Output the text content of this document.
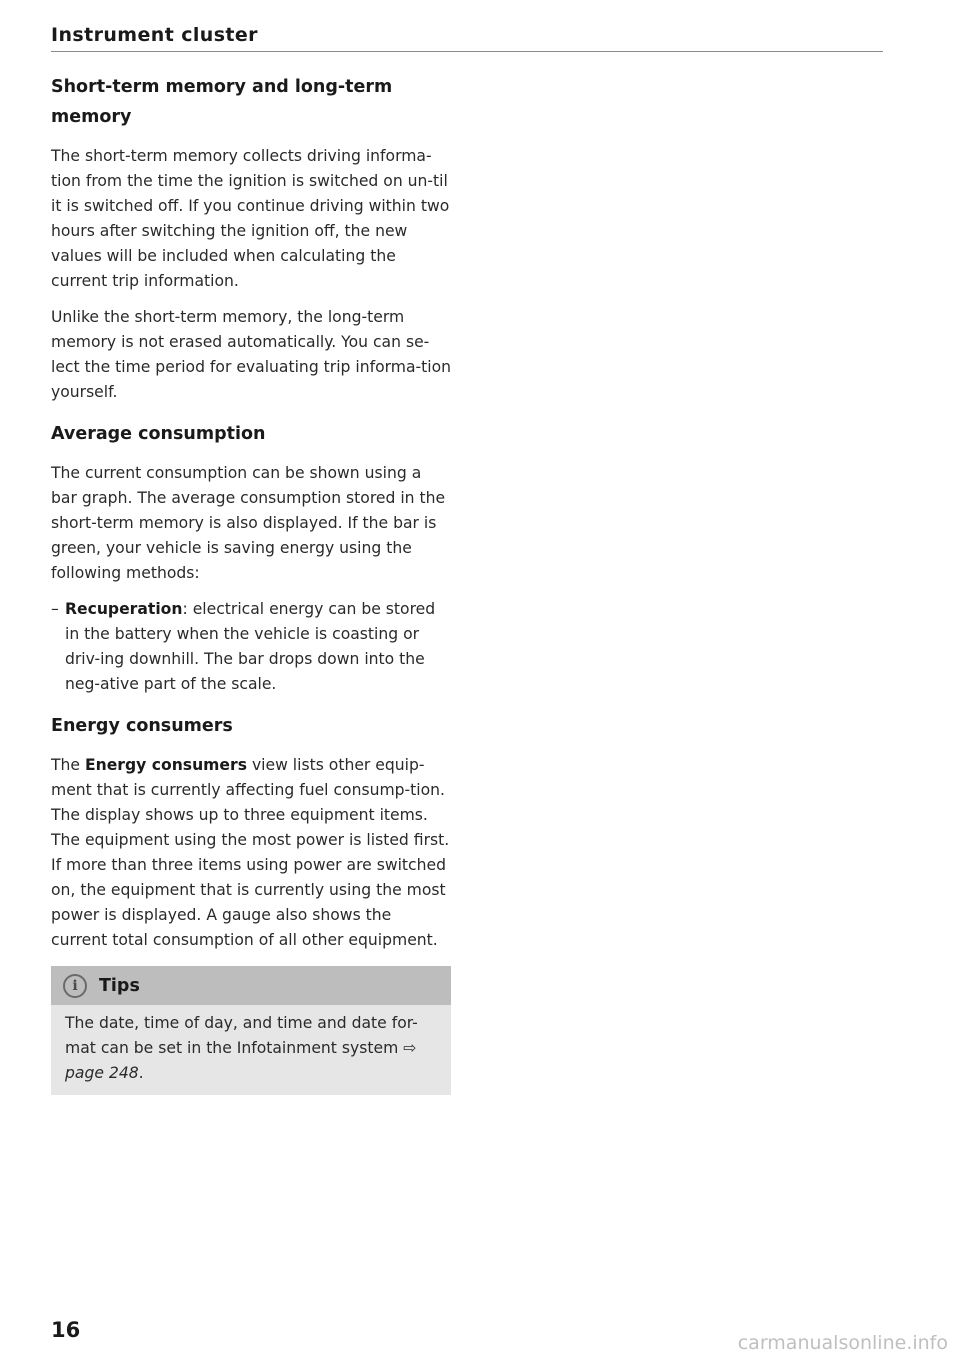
Instrument cluster
Short-term memory and long-term memory

The short-term memory collects driving informa-tion from the time the ignition is switched on un-til it is switched off. If you continue driving within two hours after switching the ignition off, the new values will be included when calculating the current trip information.

Unlike the short-term memory, the long-term memory is not erased automatically. You can se-lect the time period for evaluating trip informa-tion yourself.

Average consumption

The current consumption can be shown using a bar graph. The average consumption stored in the short-term memory is also displayed. If the bar is green, your vehicle is saving energy using the following methods:

– Recuperation: electrical energy can be stored in the battery when the vehicle is coasting or driv-ing downhill. The bar drops down into the neg-ative part of the scale.
Energy consumers

The Energy consumers view lists other equip-ment that is currently affecting fuel consump-tion. The display shows up to three equipment items. The equipment using the most power is listed first. If more than three items using power are switched on, the equipment that is currently using the most power is displayed. A gauge also shows the current total consumption of all other equipment.

i	Tips
The date, time of day, and time and date for-mat can be set in the Infotainment system ⇨ page 248.
16
carmanualsonline.info
